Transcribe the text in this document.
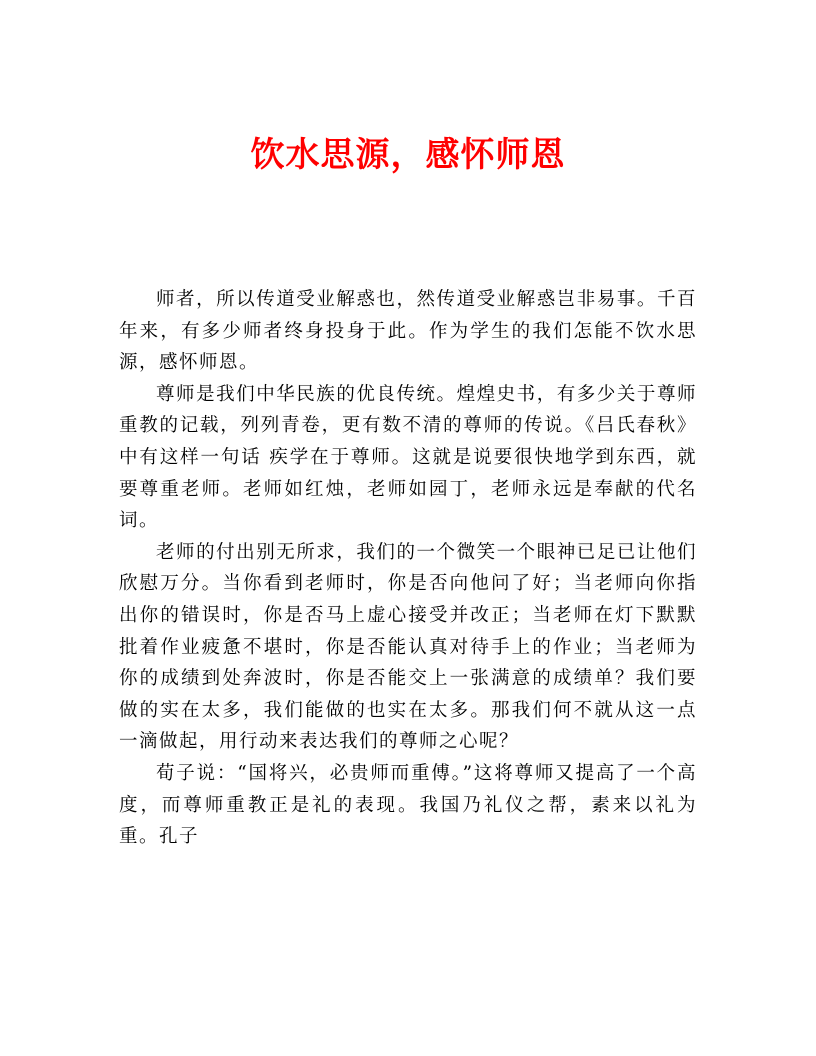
饮水思源，感怀师恩

师者，所以传道受业解惑也，然传道受业解惑岂非易事。千百年来，有多少师者终身投身于此。作为学生的我们怎能不饮水思源，感怀师恩。

尊师是我们中华民族的优良传统。煌煌史书，有多少关于尊师重教的记载，列列青卷，更有数不清的尊师的传说。《吕氏春秋》中有这样一句话 疾学在于尊师。这就是说要很快地学到东西，就要尊重老师。老师如红烛，老师如园丁，老师永远是奉献的代名词。

老师的付出别无所求，我们的一个微笑一个眼神已足已让他们欣慰万分。当你看到老师时，你是否向他问了好；当老师向你指出你的错误时，你是否马上虚心接受并改正；当老师在灯下默默批着作业疲惫不堪时，你是否能认真对待手上的作业；当老师为你的成绩到处奔波时，你是否能交上一张满意的成绩单？我们要做的实在太多，我们能做的也实在太多。那我们何不就从这一点一滴做起，用行动来表达我们的尊师之心呢？

荀子说：“国将兴，必贵师而重傅。”这将尊师又提高了一个高度，而尊师重教正是礼的表现。我国乃礼仪之帮，素来以礼为重。孔子
